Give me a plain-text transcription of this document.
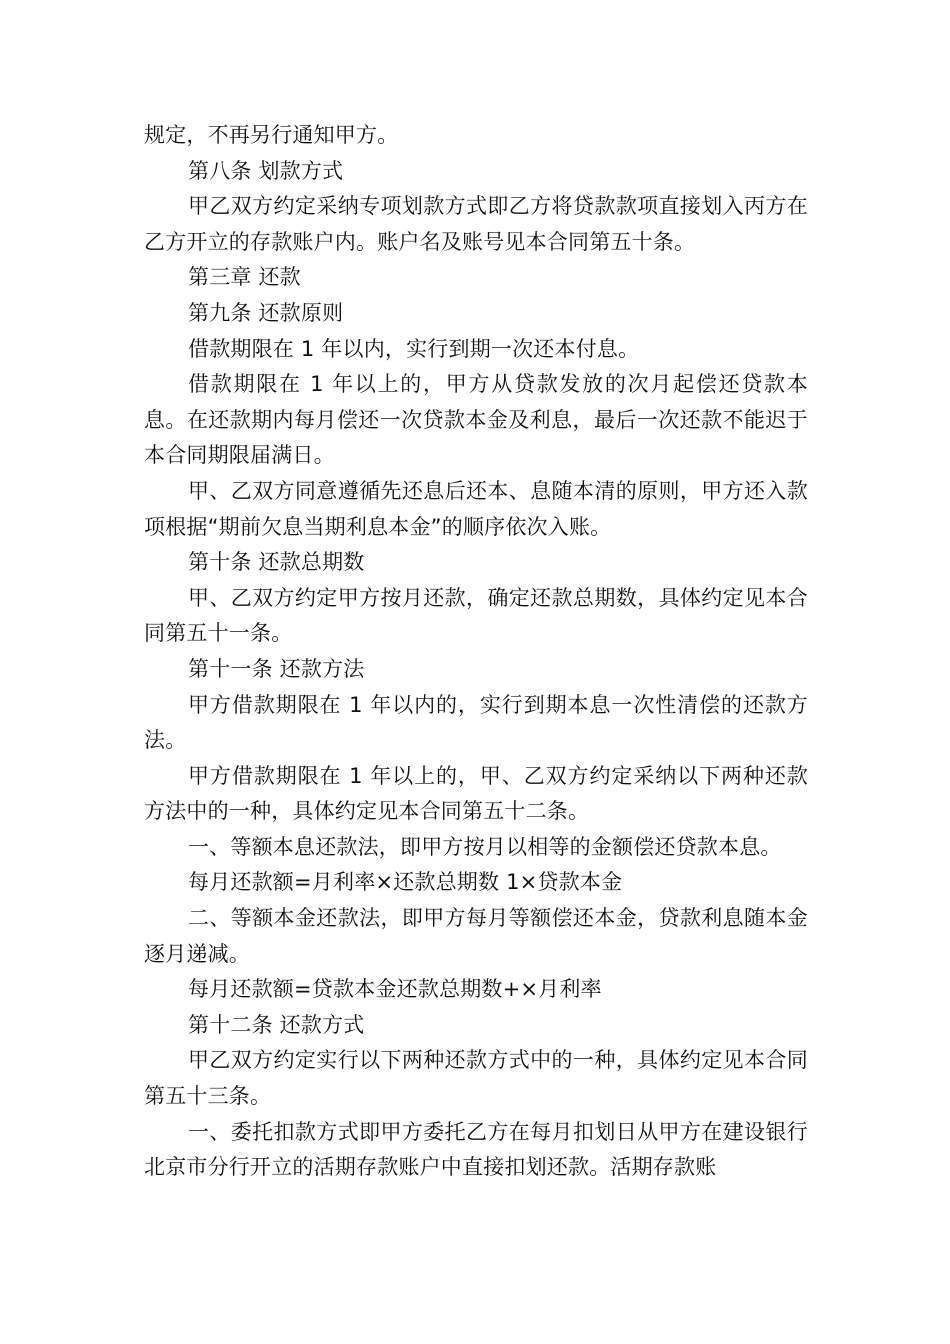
规定，不再另行通知甲方。

第八条 划款方式

甲乙双方约定采纳专项划款方式即乙方将贷款款项直接划入丙方在乙方开立的存款账户内。账户名及账号见本合同第五十条。

第三章 还款

第九条 还款原则

借款期限在 1 年以内，实行到期一次还本付息。

借款期限在 1 年以上的，甲方从贷款发放的次月起偿还贷款本息。在还款期内每月偿还一次贷款本金及利息，最后一次还款不能迟于本合同期限届满日。

甲、乙双方同意遵循先还息后还本、息随本清的原则，甲方还入款项根据“期前欠息当期利息本金”的顺序依次入账。

第十条 还款总期数

甲、乙双方约定甲方按月还款，确定还款总期数，具体约定见本合同第五十一条。

第十一条 还款方法

甲方借款期限在 1 年以内的，实行到期本息一次性清偿的还款方法。

甲方借款期限在 1 年以上的，甲、乙双方约定采纳以下两种还款方法中的一种，具体约定见本合同第五十二条。

一、等额本息还款法，即甲方按月以相等的金额偿还贷款本息。

每月还款额=月利率×还款总期数 1×贷款本金

二、等额本金还款法，即甲方每月等额偿还本金，贷款利息随本金逐月递减。

每月还款额=贷款本金还款总期数+×月利率

第十二条 还款方式

甲乙双方约定实行以下两种还款方式中的一种，具体约定见本合同第五十三条。

一、委托扣款方式即甲方委托乙方在每月扣划日从甲方在建设银行北京市分行开立的活期存款账户中直接扣划还款。活期存款账
